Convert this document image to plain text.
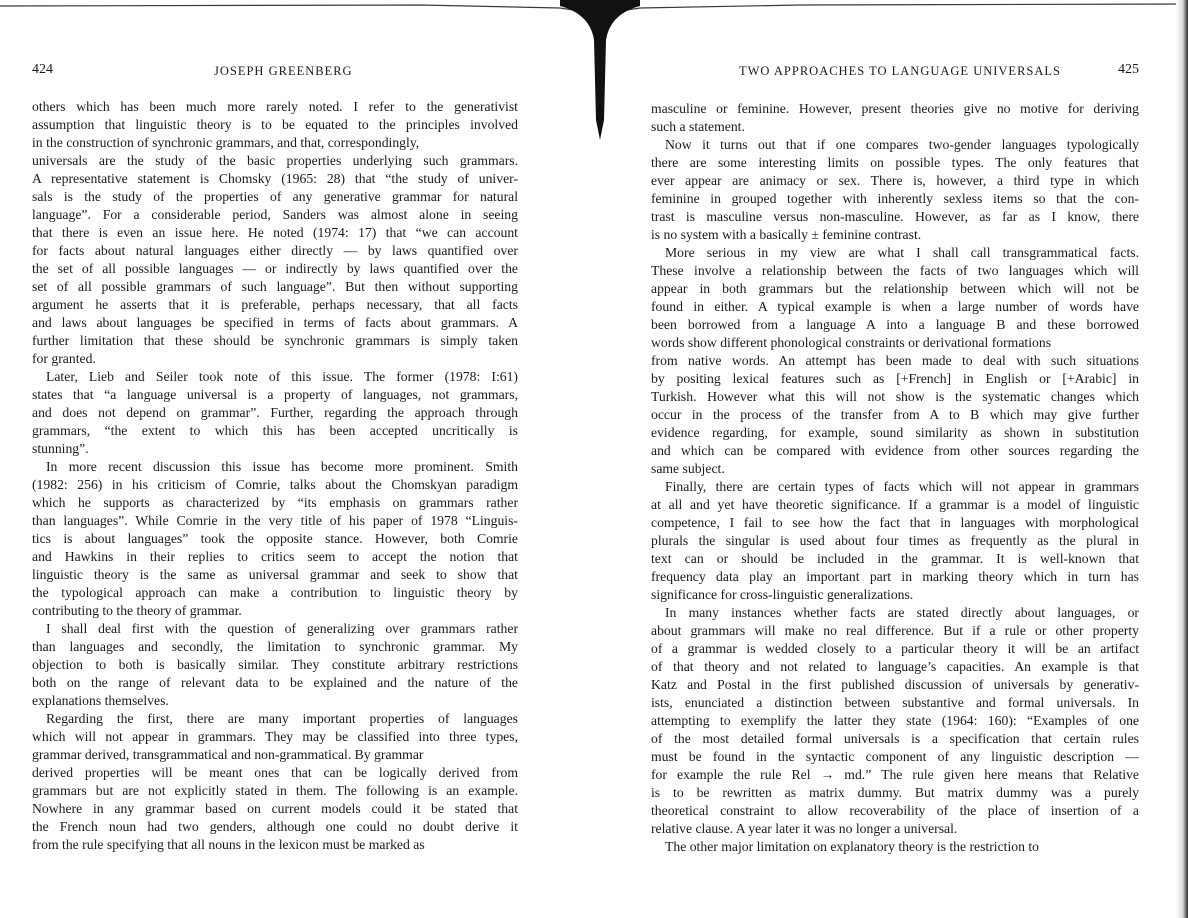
424	JOSEPH GREENBERG
others which has been much more rarely noted. I refer to the generativist
assumption that linguistic theory is to be equated to the principles involved
in the construction of synchronic grammars, and that, correspondingly,
universals are the study of the basic properties underlying such grammars.
A representative statement is Chomsky (1965: 28) that “the study of univer-
sals is the study of the properties of any generative grammar for natural
language”. For a considerable period, Sanders was almost alone in seeing
that there is even an issue here. He noted (1974: 17) that “we can account
for facts about natural languages either directly — by laws quantified over
the set of all possible languages — or indirectly by laws quantified over the
set of all possible grammars of such language”. But then without supporting
argument he asserts that it is preferable, perhaps necessary, that all facts
and laws about languages be specified in terms of facts about grammars. A
further limitation that these should be synchronic grammars is simply taken
for granted.
Later, Lieb and Seiler took note of this issue. The former (1978: I:61)
states that “a language universal is a property of languages, not grammars,
and does not depend on grammar”. Further, regarding the approach through
grammars, “the extent to which this has been accepted uncritically is
stunning”.
In more recent discussion this issue has become more prominent. Smith
(1982: 256) in his criticism of Comrie, talks about the Chomskyan paradigm
which he supports as characterized by “its emphasis on grammars rather
than languages”. While Comrie in the very title of his paper of 1978 “Linguis-
tics is about languages” took the opposite stance. However, both Comrie
and Hawkins in their replies to critics seem to accept the notion that
linguistic theory is the same as universal grammar and seek to show that
the typological approach can make a contribution to linguistic theory by
contributing to the theory of grammar.
I shall deal first with the question of generalizing over grammars rather
than languages and secondly, the limitation to synchronic grammar. My
objection to both is basically similar. They constitute arbitrary restrictions
both on the range of relevant data to be explained and the nature of the
explanations themselves.
Regarding the first, there are many important properties of languages
which will not appear in grammars. They may be classified into three types,
grammar derived, transgrammatical and non-grammatical. By grammar
derived properties will be meant ones that can be logically derived from
grammars but are not explicitly stated in them. The following is an example.
Nowhere in any grammar based on current models could it be stated that
the French noun had two genders, although one could no doubt derive it
from the rule specifying that all nouns in the lexicon must be marked as
TWO APPROACHES TO LANGUAGE UNIVERSALS	425
masculine or feminine. However, present theories give no motive for deriving
such a statement.
Now it turns out that if one compares two-gender languages typologically
there are some interesting limits on possible types. The only features that
ever appear are animacy or sex. There is, however, a third type in which
feminine in grouped together with inherently sexless items so that the con-
trast is masculine versus non-masculine. However, as far as I know, there
is no system with a basically ± feminine contrast.
More serious in my view are what I shall call transgrammatical facts.
These involve a relationship between the facts of two languages which will
appear in both grammars but the relationship between which will not be
found in either. A typical example is when a large number of words have
been borrowed from a language A into a language B and these borrowed
words show different phonological constraints or derivational formations
from native words. An attempt has been made to deal with such situations
by positing lexical features such as [+French] in English or [+Arabic] in
Turkish. However what this will not show is the systematic changes which
occur in the process of the transfer from A to B which may give further
evidence regarding, for example, sound similarity as shown in substitution
and which can be compared with evidence from other sources regarding the
same subject.
Finally, there are certain types of facts which will not appear in grammars
at all and yet have theoretic significance. If a grammar is a model of linguistic
competence, I fail to see how the fact that in languages with morphological
plurals the singular is used about four times as frequently as the plural in
text can or should be included in the grammar. It is well-known that
frequency data play an important part in marking theory which in turn has
significance for cross-linguistic generalizations.
In many instances whether facts are stated directly about languages, or
about grammars will make no real difference. But if a rule or other property
of a grammar is wedded closely to a particular theory it will be an artifact
of that theory and not related to language’s capacities. An example is that
Katz and Postal in the first published discussion of universals by generativ-
ists, enunciated a distinction between substantive and formal universals. In
attempting to exemplify the latter they state (1964: 160): “Examples of one
of the most detailed formal universals is a specification that certain rules
must be found in the syntactic component of any linguistic description —
for example the rule Rel → md.” The rule given here means that Relative
is to be rewritten as matrix dummy. But matrix dummy was a purely
theoretical constraint to allow recoverability of the place of insertion of a
relative clause. A year later it was no longer a universal.
The other major limitation on explanatory theory is the restriction to
